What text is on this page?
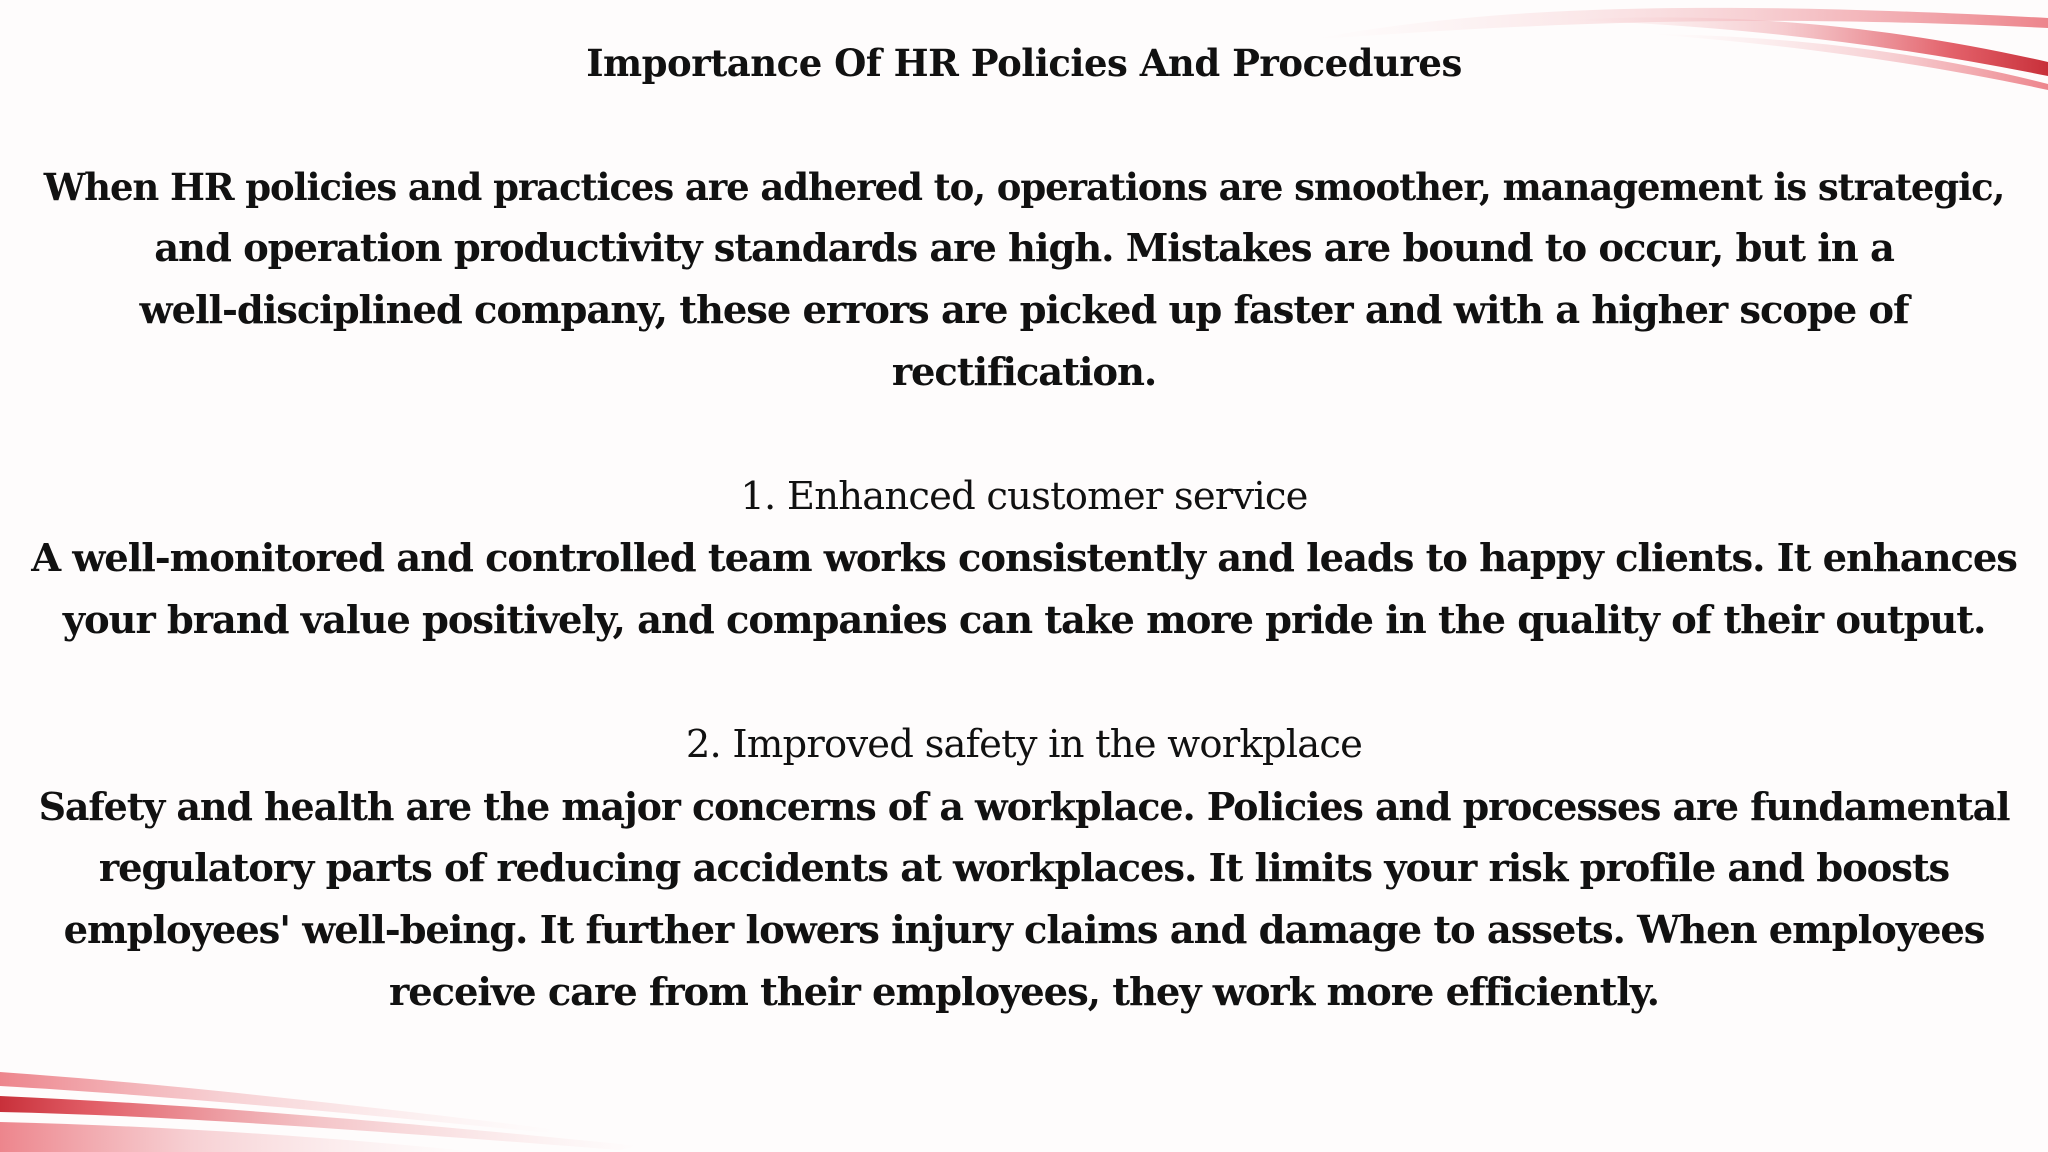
Importance Of HR Policies And Procedures

When HR policies and practices are adhered to, operations are smoother, management is strategic,
and operation productivity standards are high. Mistakes are bound to occur, but in a
well-disciplined company, these errors are picked up faster and with a higher scope of
rectification.

1. Enhanced customer service

A well-monitored and controlled team works consistently and leads to happy clients. It enhances
your brand value positively, and companies can take more pride in the quality of their output.

2. Improved safety in the workplace

Safety and health are the major concerns of a workplace. Policies and processes are fundamental
regulatory parts of reducing accidents at workplaces. It limits your risk profile and boosts
employees' well-being. It further lowers injury claims and damage to assets. When employees
receive care from their employees, they work more efficiently.
